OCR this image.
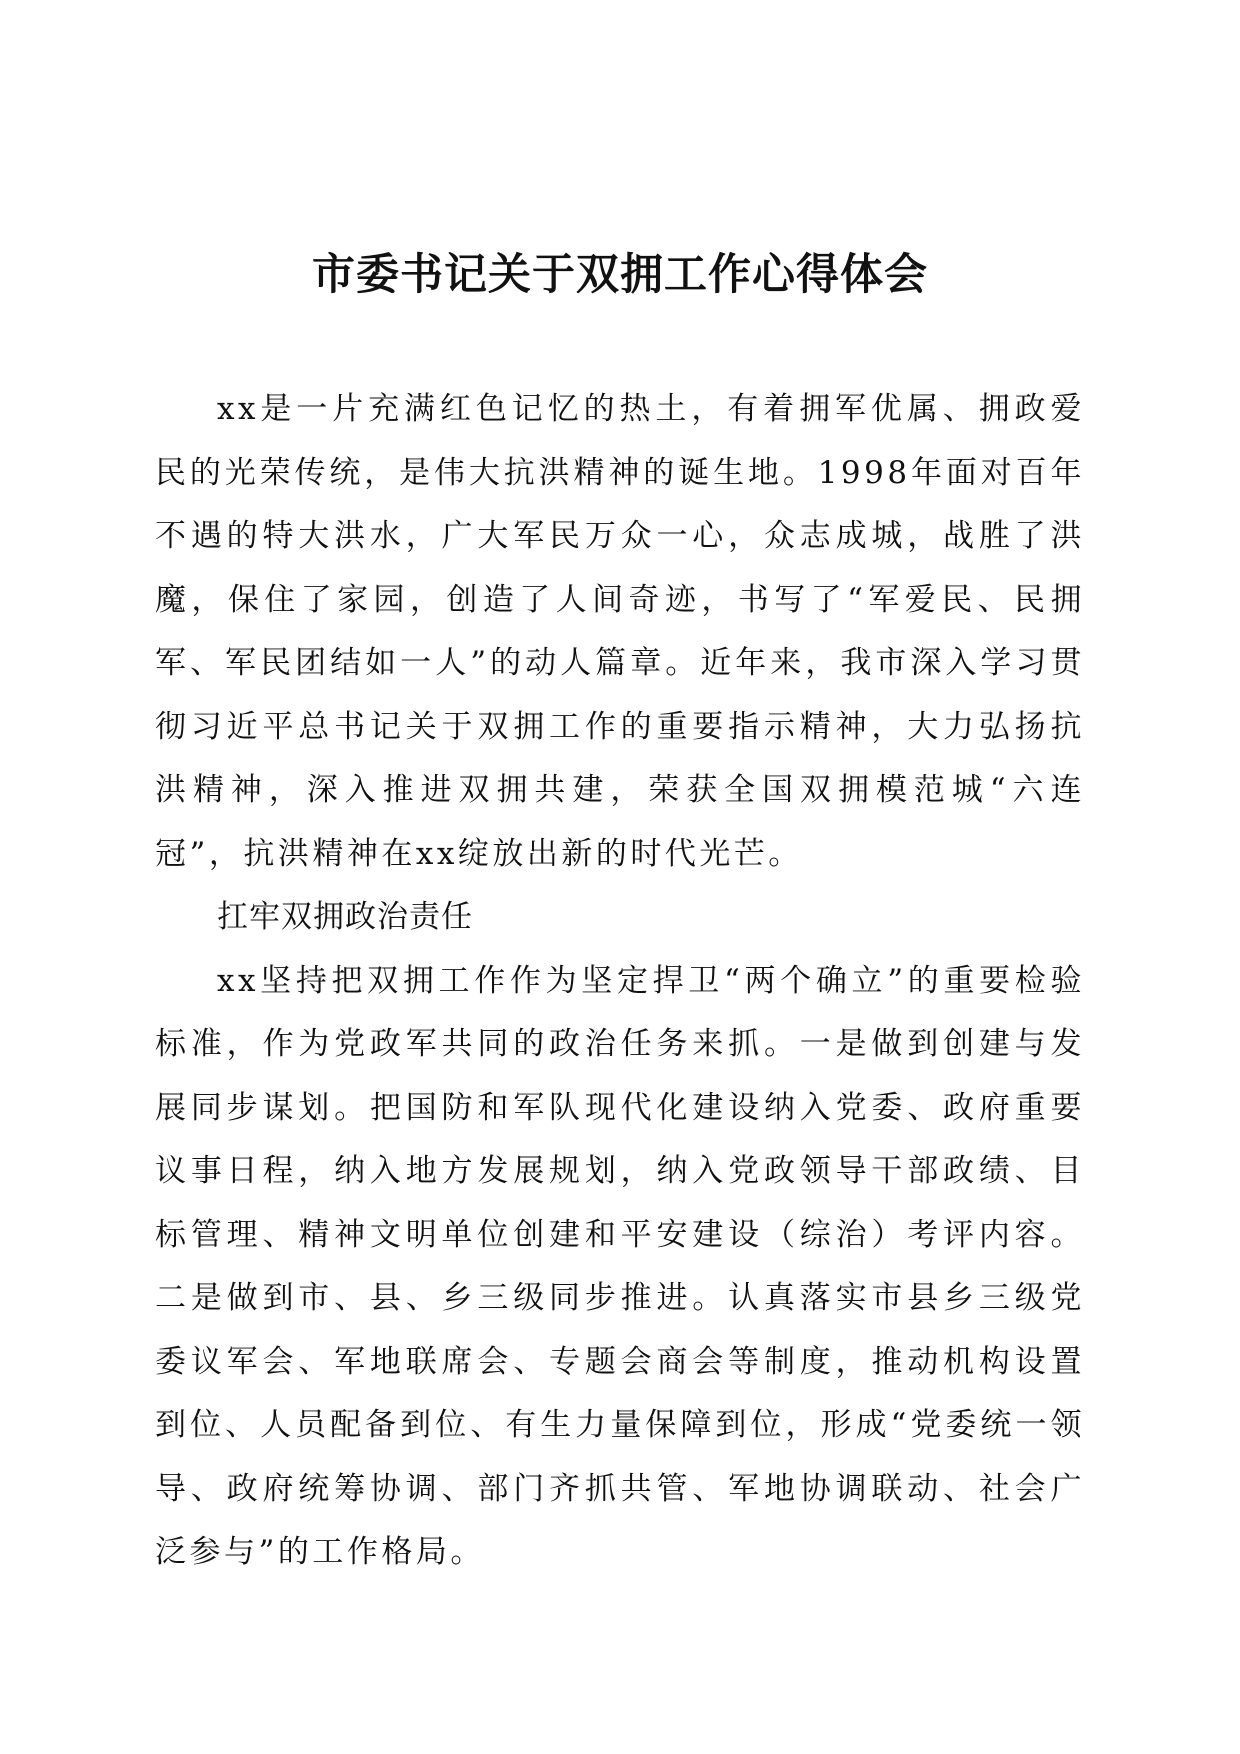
市委书记关于双拥工作心得体会

xx是一片充满红色记忆的热土，有着拥军优属、拥政爱民的光荣传统，是伟大抗洪精神的诞生地。1998年面对百年不遇的特大洪水，广大军民万众一心，众志成城，战胜了洪魔，保住了家园，创造了人间奇迹，书写了“军爱民、民拥军、军民团结如一人”的动人篇章。近年来，我市深入学习贯彻习近平总书记关于双拥工作的重要指示精神，大力弘扬抗洪精神，深入推进双拥共建，荣获全国双拥模范城“六连冠”，抗洪精神在xx绽放出新的时代光芒。

扛牢双拥政治责任

xx坚持把双拥工作作为坚定捍卫“两个确立”的重要检验标准，作为党政军共同的政治任务来抓。一是做到创建与发展同步谋划。把国防和军队现代化建设纳入党委、政府重要议事日程，纳入地方发展规划，纳入党政领导干部政绩、目标管理、精神文明单位创建和平安建设（综治）考评内容。二是做到市、县、乡三级同步推进。认真落实市县乡三级党委议军会、军地联席会、专题会商会等制度，推动机构设置到位、人员配备到位、有生力量保障到位，形成“党委统一领导、政府统筹协调、部门齐抓共管、军地协调联动、社会广泛参与”的工作格局。
